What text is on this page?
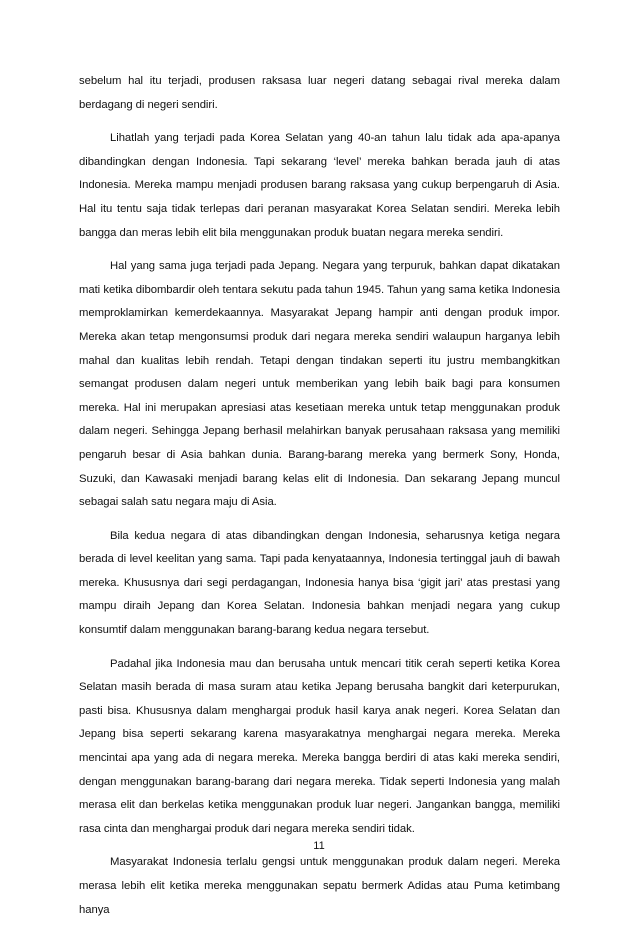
sebelum hal itu terjadi, produsen raksasa luar negeri datang sebagai rival mereka dalam berdagang di negeri sendiri.

Lihatlah yang terjadi pada Korea Selatan yang 40-an tahun lalu tidak ada apa-apanya dibandingkan dengan Indonesia. Tapi sekarang ‘level’ mereka bahkan berada jauh di atas Indonesia. Mereka mampu menjadi produsen barang raksasa yang cukup berpengaruh di Asia. Hal itu tentu saja tidak terlepas dari peranan masyarakat Korea Selatan sendiri. Mereka lebih bangga dan meras lebih elit bila menggunakan produk buatan negara mereka sendiri.

Hal yang sama juga terjadi pada Jepang. Negara yang terpuruk, bahkan dapat dikatakan mati ketika dibombardir oleh tentara sekutu pada tahun 1945. Tahun yang sama ketika Indonesia memproklamirkan kemerdekaannya. Masyarakat Jepang hampir anti dengan produk impor. Mereka akan tetap mengonsumsi produk dari negara mereka sendiri walaupun harganya lebih mahal dan kualitas lebih rendah. Tetapi dengan tindakan seperti itu justru membangkitkan semangat produsen dalam negeri untuk memberikan yang lebih baik bagi para konsumen mereka. Hal ini merupakan apresiasi atas kesetiaan mereka untuk tetap menggunakan produk dalam negeri. Sehingga Jepang berhasil melahirkan banyak perusahaan raksasa yang memiliki pengaruh besar di Asia bahkan dunia. Barang-barang mereka yang bermerk Sony, Honda, Suzuki, dan Kawasaki menjadi barang kelas elit di Indonesia. Dan sekarang Jepang muncul sebagai salah satu negara maju di Asia.

Bila kedua negara di atas dibandingkan dengan Indonesia, seharusnya ketiga negara berada di level keelitan yang sama. Tapi pada kenyataannya, Indonesia tertinggal jauh di bawah mereka. Khususnya dari segi perdagangan, Indonesia hanya bisa ‘gigit jari’ atas prestasi yang mampu diraih Jepang dan Korea Selatan. Indonesia bahkan menjadi negara yang cukup konsumtif dalam menggunakan barang-barang kedua negara tersebut.

Padahal jika Indonesia mau dan berusaha untuk mencari titik cerah seperti ketika Korea Selatan masih berada di masa suram atau ketika Jepang berusaha bangkit dari keterpurukan, pasti bisa. Khususnya dalam menghargai produk hasil karya anak negeri. Korea Selatan dan Jepang bisa seperti sekarang karena masyarakatnya menghargai negara mereka. Mereka mencintai apa yang ada di negara mereka. Mereka bangga berdiri di atas kaki mereka sendiri, dengan menggunakan barang-barang dari negara mereka. Tidak seperti Indonesia yang malah merasa elit dan berkelas ketika menggunakan produk luar negeri. Jangankan bangga, memiliki rasa cinta dan menghargai produk dari negara mereka sendiri tidak.

Masyarakat Indonesia terlalu gengsi untuk menggunakan produk dalam negeri. Mereka merasa lebih elit ketika mereka menggunakan sepatu bermerk Adidas atau Puma ketimbang hanya

11
